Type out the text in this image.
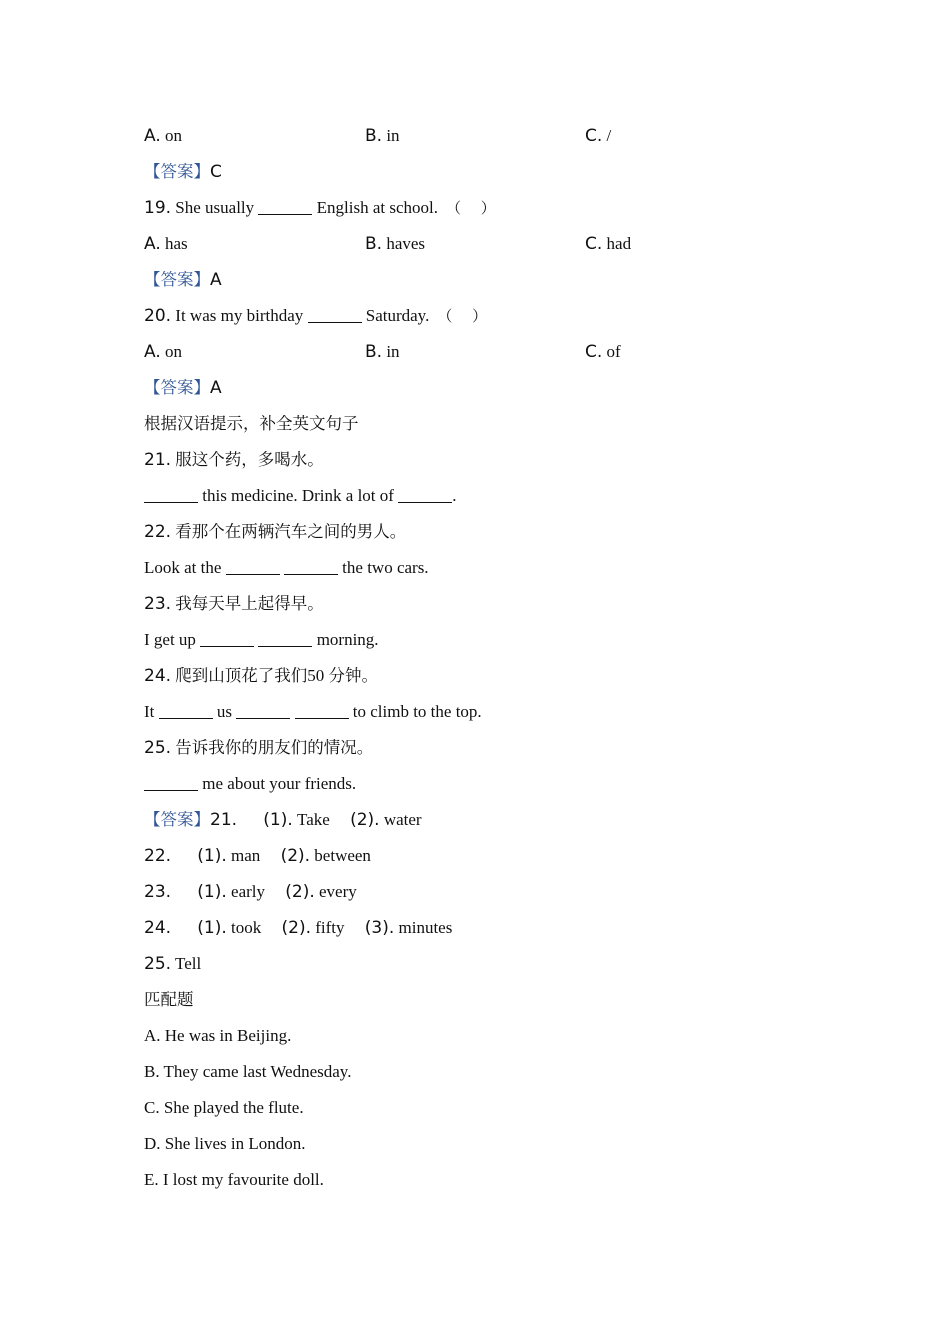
A. on	B. in	C. /
【答案】C
19. She usually	English at school. （　 ）
A. has	B. haves	C. had
【答案】A
20. It was my birthday	Saturday. （　 ）
A. on	B. in	C. of
【答案】A
根据汉语提示，补全英文句子
21. 服这个药，多喝水。
this medicine. Drink a lot of	.
22. 看那个在两辆汽车之间的男人。
Look at the	the two cars.
23. 我每天早上起得早。
I get up	morning.
24. 爬到山顶花了我们50 分钟。
It	us	to climb to the top.
25. 告诉我你的朋友们的情况。
me about your friends.
【答案】21. (1). Take (2). water
22. (1). man (2). between
23. (1). early (2). every
24. (1). took (2). fifty (3). minutes
25. Tell
匹配题
A. He was in Beijing.
B. They came last Wednesday.
C. She played the flute.
D. She lives in London.
E. I lost my favourite doll.
